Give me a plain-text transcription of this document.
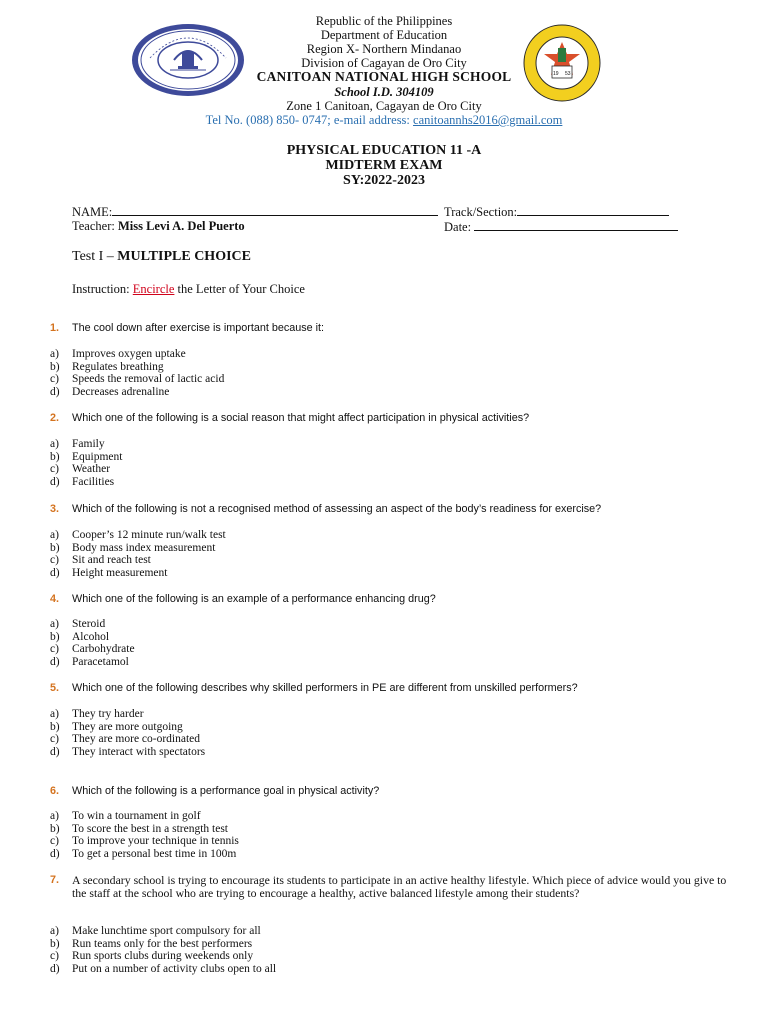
19 53
Republic of the Philippines
Department of Education
Region X- Northern Mindanao
Division of Cagayan de Oro City
CANITOAN NATIONAL HIGH SCHOOL
School I.D. 304109
Zone 1 Canitoan, Cagayan de Oro City
Tel No. (088) 850- 0747; e-mail address: canitoannhs2016@gmail.com
PHYSICAL EDUCATION 11 -A
MIDTERM EXAM
SY:2022-2023
NAME:	Track/Section:
Teacher: Miss Levi A. Del Puerto	Date:
Test I – MULTIPLE CHOICE
Instruction: Encircle the Letter of Your Choice
1. The cool down after exercise is important because it:
a) Improves oxygen uptake
b) Regulates breathing
c) Speeds the removal of lactic acid
d) Decreases adrenaline
2. Which one of the following is a social reason that might affect participation in physical activities?
a) Family
b) Equipment
c) Weather
d) Facilities
3. Which of the following is not a recognised method of assessing an aspect of the body’s readiness for exercise?
a) Cooper’s 12 minute run/walk test
b) Body mass index measurement
c) Sit and reach test
d) Height measurement
4. Which one of the following is an example of a performance enhancing drug?
a) Steroid
b) Alcohol
c) Carbohydrate
d) Paracetamol
5. Which one of the following describes why skilled performers in PE are different from unskilled performers?
a) They try harder
b) They are more outgoing
c) They are more co-ordinated
d) They interact with spectators
6. Which of the following is a performance goal in physical activity?
a) To win a tournament in golf
b) To score the best in a strength test
c) To improve your technique in tennis
d) To get a personal best time in 100m
7. A secondary school is trying to encourage its students to participate in an active healthy lifestyle. Which piece of advice would you give to the staff at the school who are trying to encourage a healthy, active balanced lifestyle among their students?
a) Make lunchtime sport compulsory for all
b) Run teams only for the best performers
c) Run sports clubs during weekends only
d) Put on a number of activity clubs open to all
